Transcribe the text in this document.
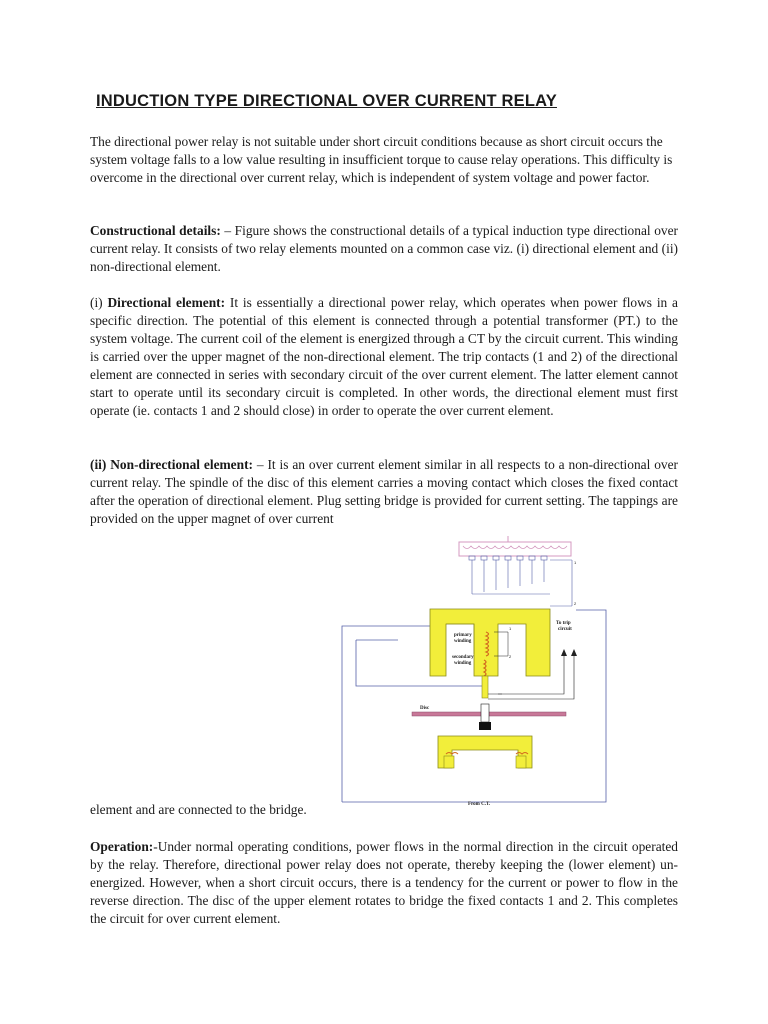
INDUCTION TYPE DIRECTIONAL OVER CURRENT RELAY

The directional power relay is not suitable under short circuit conditions because as short circuit occurs the system voltage falls to a low value resulting in insufficient torque to cause relay operations. This difficulty is overcome in the directional over current relay, which is independent of system voltage and power factor.

Constructional details: – Figure shows the constructional details of a typical induction type directional over current relay. It consists of two relay elements mounted on a common case viz. (i) directional element and (ii) non-directional element.

(i) Directional element: It is essentially a directional power relay, which operates when power flows in a specific direction. The potential of this element is connected through a potential transformer (PT.) to the system voltage. The current coil of the element is energized through a CT by the circuit current. This winding is carried over the upper magnet of the non-directional element. The trip contacts (1 and 2) of the directional element are connected in series with secondary circuit of the over current element. The latter element cannot start to operate until its secondary circuit is completed. In other words, the directional element must first operate (ie. contacts 1 and 2 should close) in order to operate the over current element.

(ii) Non-directional element: – It is an over current element similar in all respects to a non-directional over current relay. The spindle of the disc of this element carries a moving contact which closes the fixed contact after the operation of directional element. Plug setting bridge is provided for current setting. The tappings are provided on the upper magnet of over current

1
2
primary
winding
secondary
winding
1
2
To trip
circuit
Disc
From C.T.

element and are connected to the bridge.

Operation:-Under normal operating conditions, power flows in the normal direction in the circuit operated by the relay. Therefore, directional power relay does not operate, thereby keeping the (lower element) un-energized. However, when a short circuit occurs, there is a tendency for the current or power to flow in the reverse direction. The disc of the upper element rotates to bridge the fixed contacts 1 and 2. This completes the circuit for over current element.
